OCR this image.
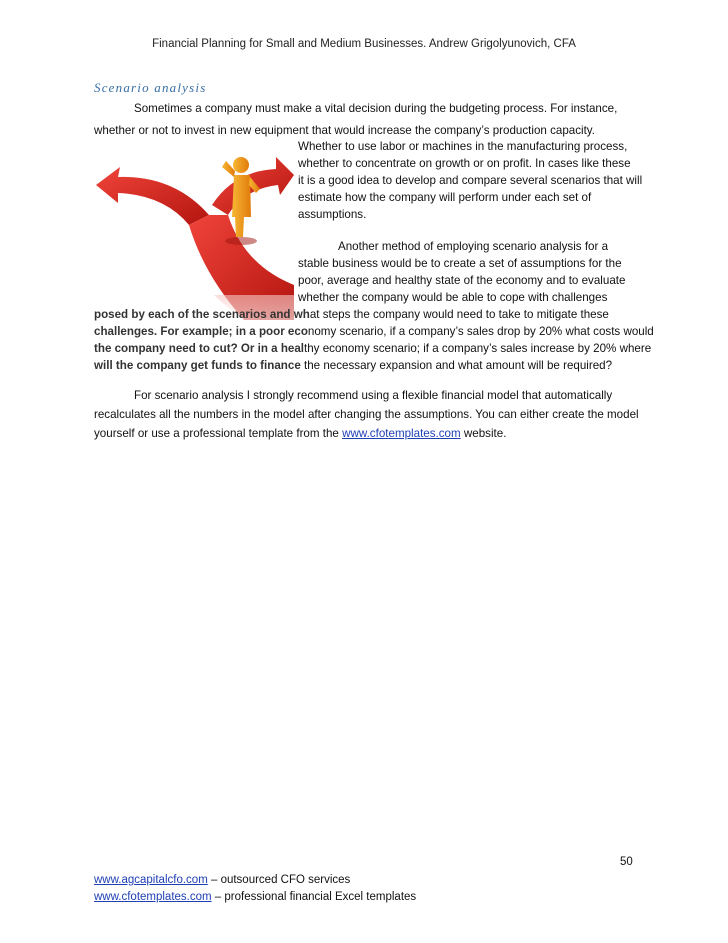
Financial Planning for Small and Medium Businesses. Andrew Grigolyunovich, CFA
Scenario analysis
Sometimes a company must make a vital decision during the budgeting process. For instance,
whether or not to invest in new equipment that would increase the company’s production capacity.
Whether to use labor or machines in the manufacturing process,
whether to concentrate on growth or on profit. In cases like these
it is a good idea to develop and compare several scenarios that will
estimate how the company will perform under each set of
assumptions.
Another method of employing scenario analysis for a
stable business would be to create a set of assumptions for the
poor, average and healthy state of the economy and to evaluate
whether the company would be able to cope with challenges
posed by each of the scenarios and what steps the company would need to take to mitigate these
challenges. For example; in a poor economy scenario, if a company’s sales drop by 20% what costs would
the company need to cut? Or in a healthy economy scenario; if a company’s sales increase by 20% where
will the company get funds to finance the necessary expansion and what amount will be required?
For scenario analysis I strongly recommend using a flexible financial model that automatically
recalculates all the numbers in the model after changing the assumptions. You can either create the model
yourself or use a professional template from the www.cfotemplates.com website.
50
www.agcapitalcfo.com – outsourced CFO services
www.cfotemplates.com – professional financial Excel templates
